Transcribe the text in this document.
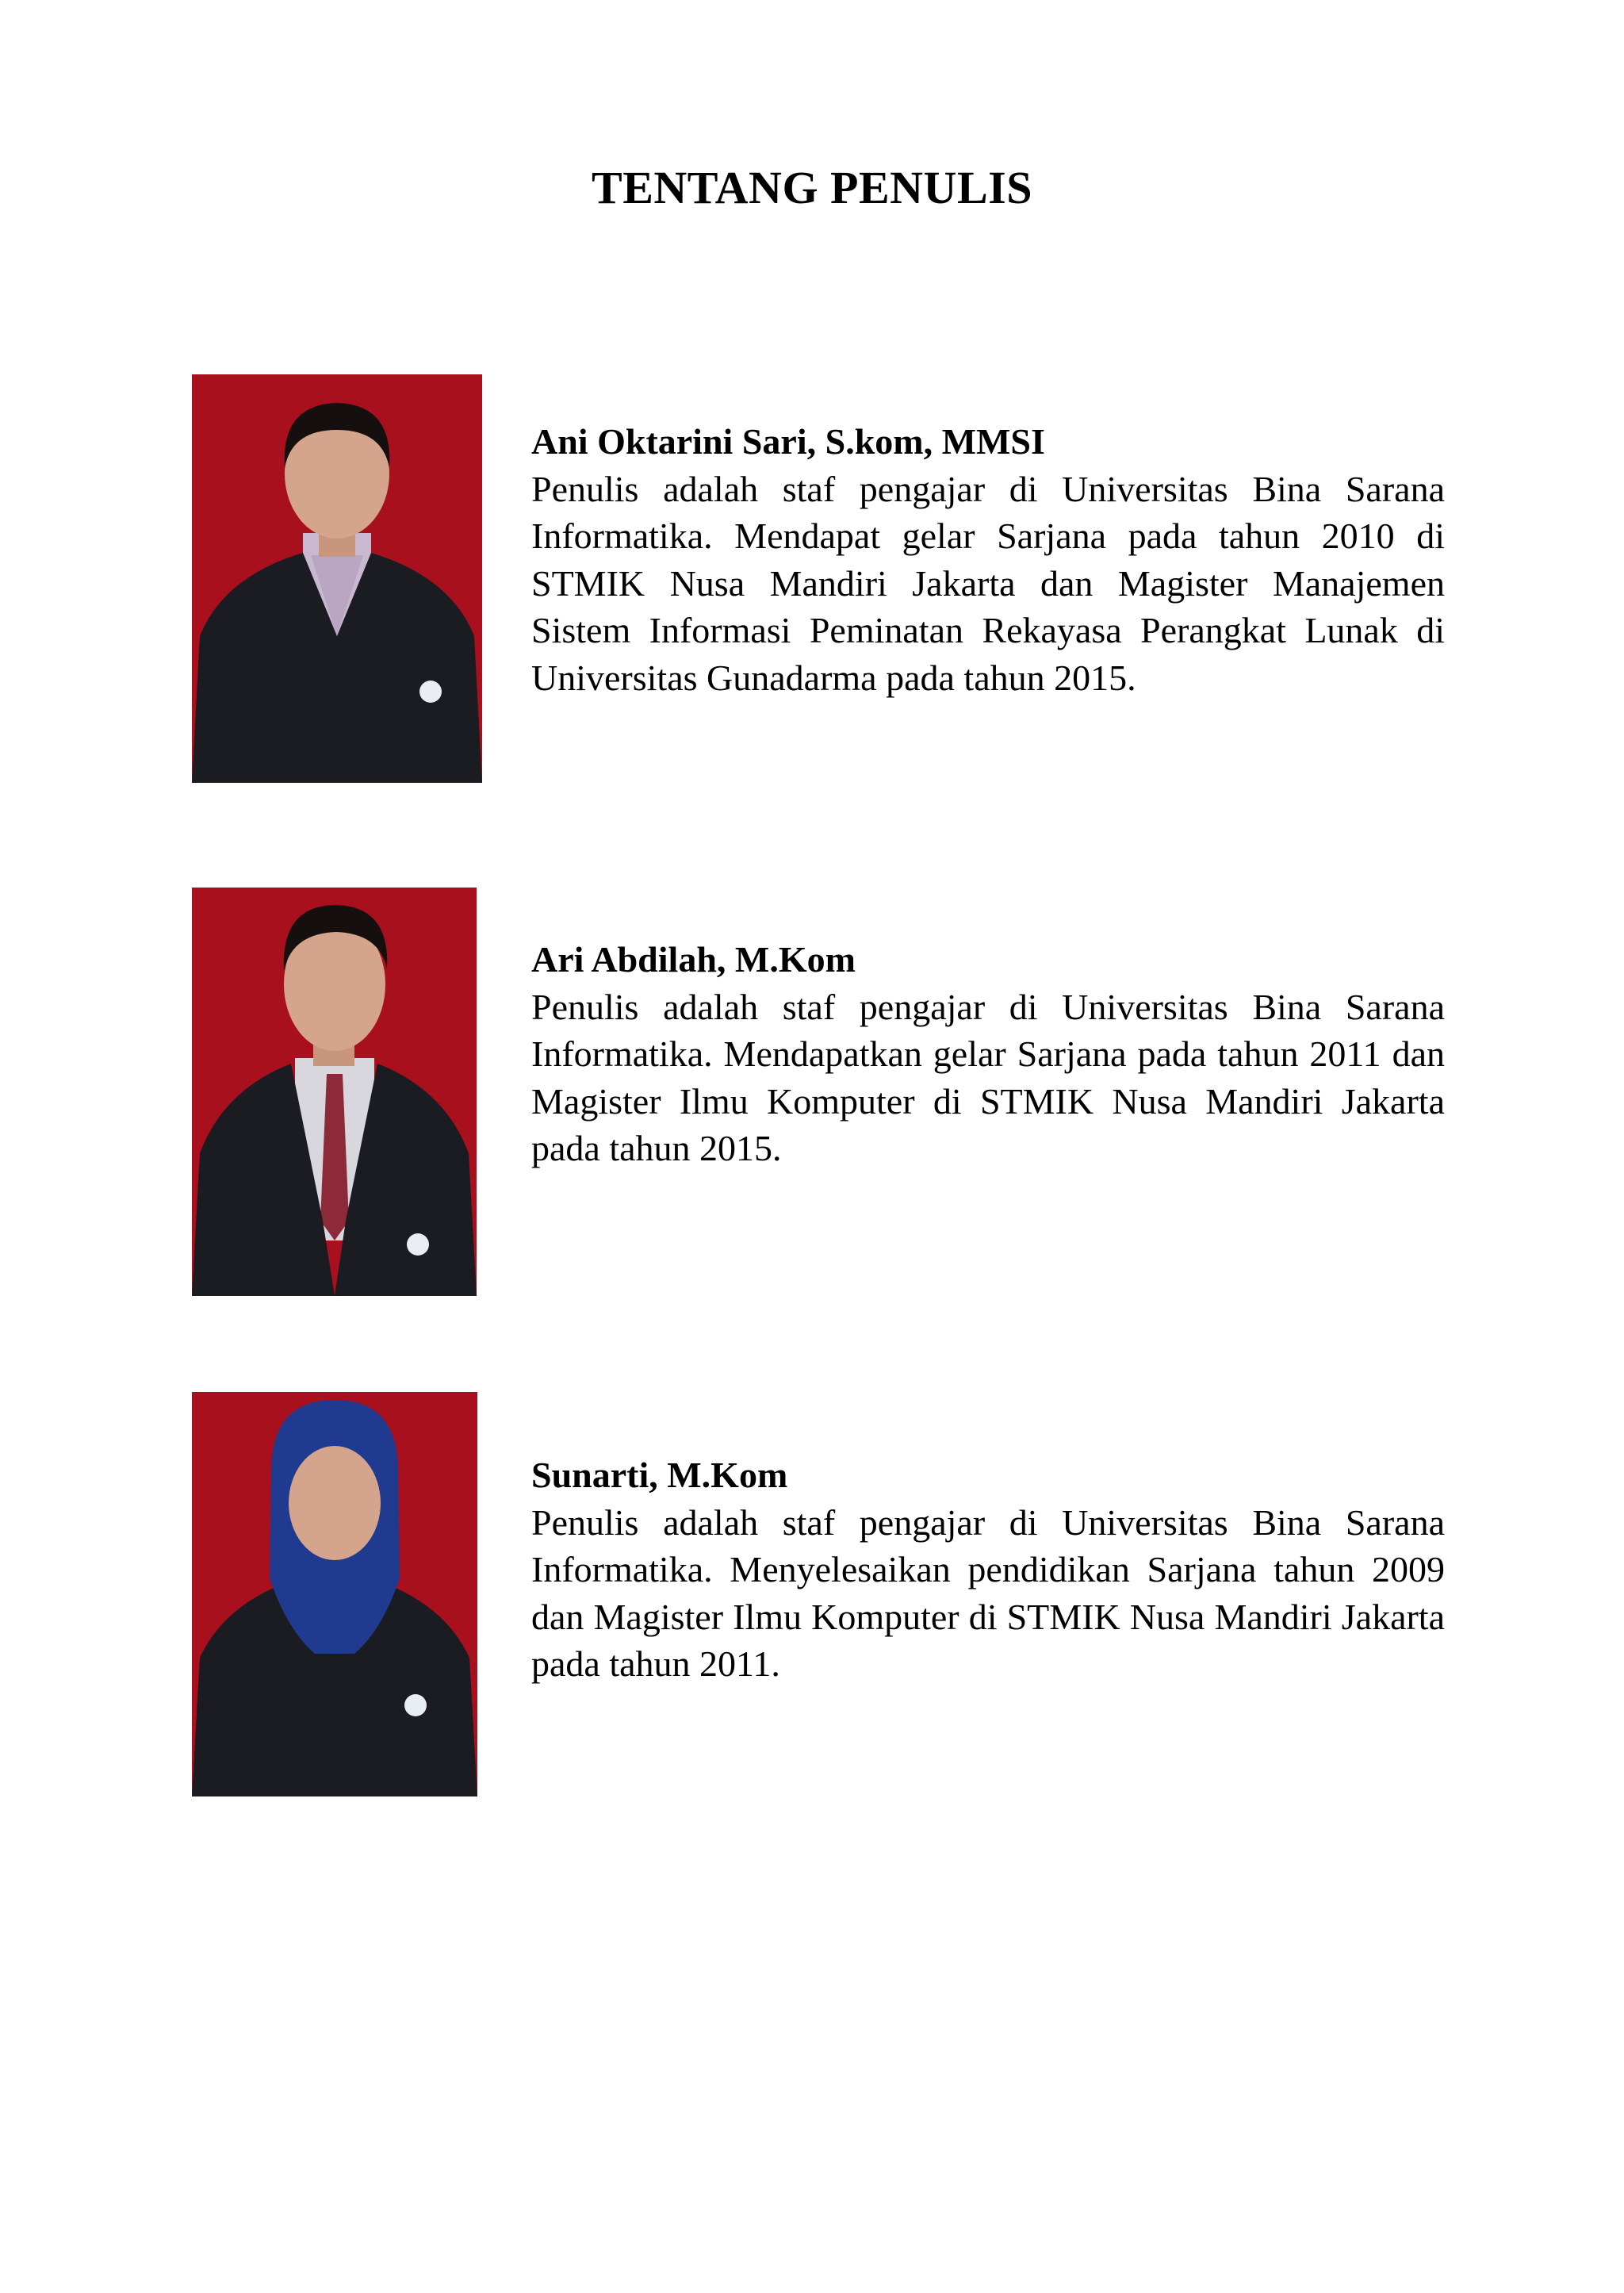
TENTANG PENULIS

Ani Oktarini Sari, S.kom, MMSI

Penulis adalah staf pengajar di Universitas Bina Sarana Informatika. Mendapat gelar Sarjana pada tahun 2010 di STMIK Nusa Mandiri Jakarta dan Magister Manajemen Sistem Informasi Peminatan Rekayasa Perangkat Lunak di Universitas Gunadarma pada tahun 2015.

Ari Abdilah, M.Kom

Penulis adalah staf pengajar di Universitas Bina Sarana Informatika. Mendapatkan gelar Sarjana pada tahun 2011 dan Magister Ilmu Komputer di STMIK Nusa Mandiri Jakarta pada tahun 2015.

Sunarti, M.Kom

Penulis adalah staf pengajar di Universitas Bina Sarana Informatika. Menyelesaikan pendidikan Sarjana tahun 2009 dan Magister Ilmu Komputer di STMIK Nusa Mandiri Jakarta pada tahun 2011.
